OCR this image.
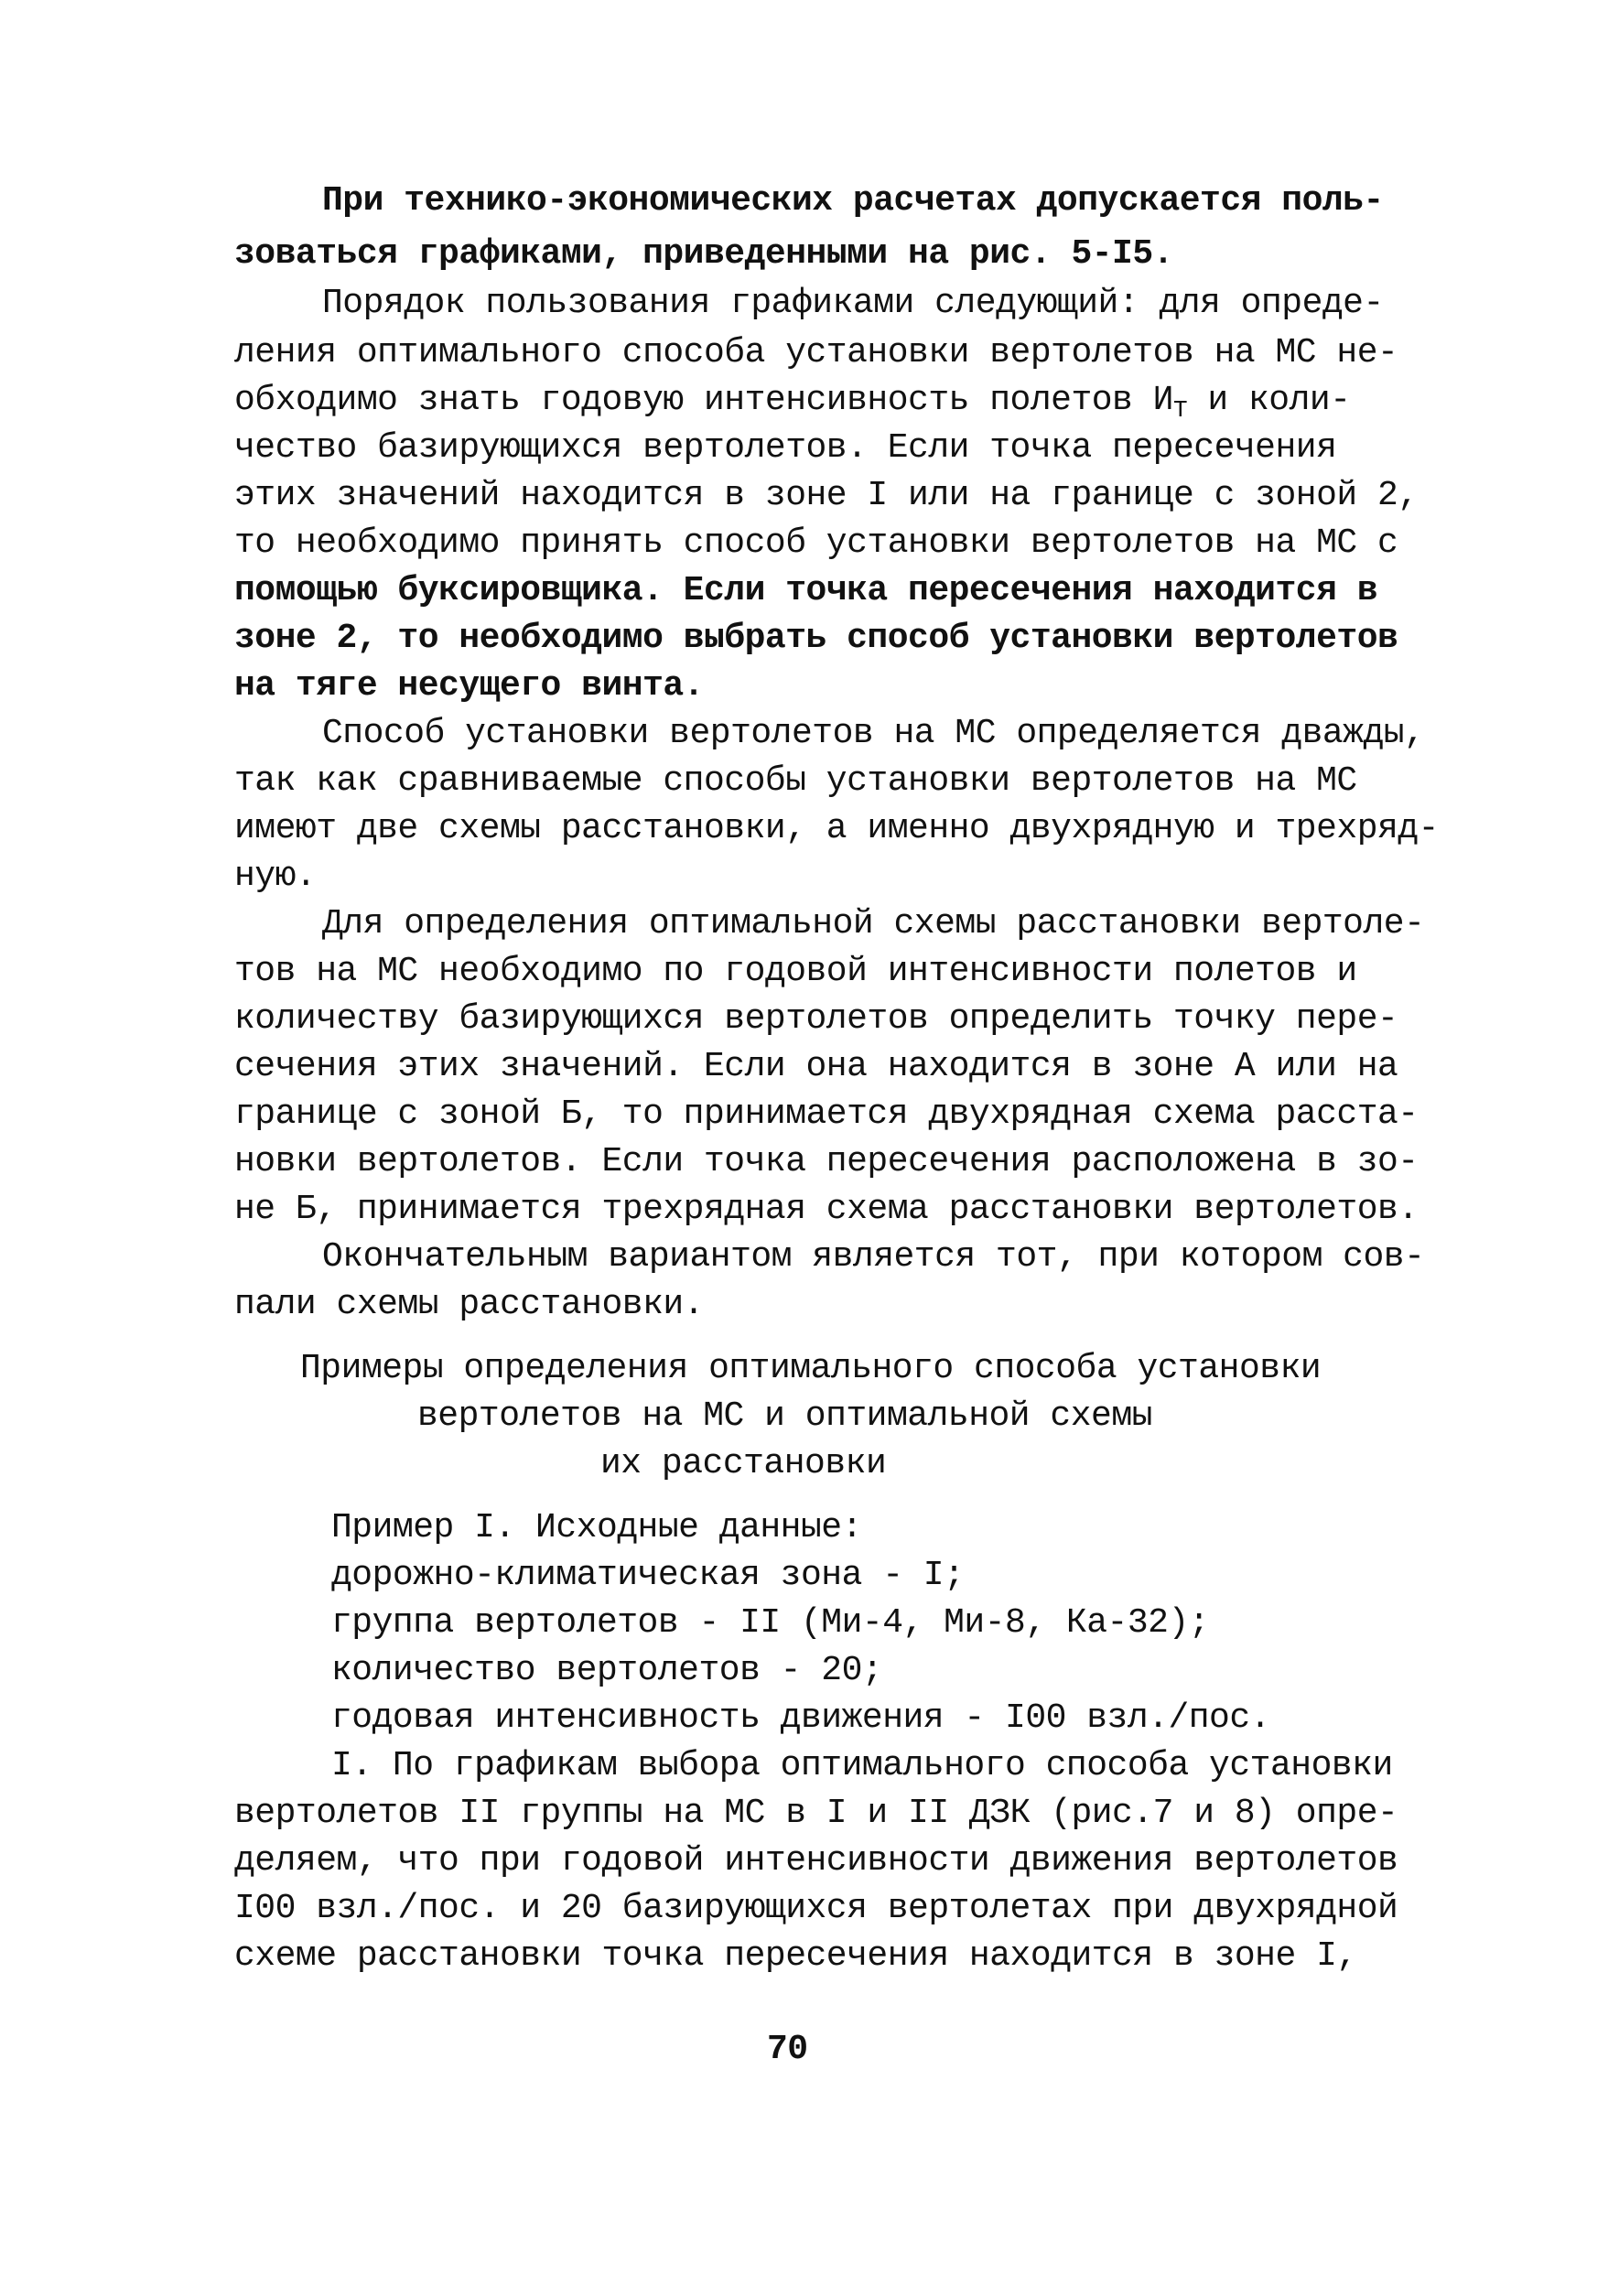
При технико-экономических расчетах допускается поль-
зоваться графиками, приведенными на рис. 5-I5.
Порядок пользования графиками следующий: для опреде-
ления оптимального способа установки вертолетов на МС не-
обходимо знать годовую интенсивность полетов $И_Т$ и коли-
чество базирующихся вертолетов. Если точка пересечения
этих значений находится в зоне I или на границе с зоной 2,
то необходимо принять способ установки вертолетов на МС с
помощью буксировщика. Если точка пересечения находится в
зоне 2, то необходимо выбрать способ установки вертолетов
на тяге несущего винта.
Способ установки вертолетов на МС определяется дважды,
так как сравниваемые способы установки вертолетов на МС
имеют две схемы расстановки, а именно двухрядную и трехряд-
ную.
Для определения оптимальной схемы расстановки вертоле-
тов на МС необходимо по годовой интенсивности полетов и
количеству базирующихся вертолетов определить точку пере-
сечения этих значений. Если она находится в зоне А или на
границе с зоной Б, то принимается двухрядная схема расста-
новки вертолетов. Если точка пересечения расположена в зо-
не Б, принимается трехрядная схема расстановки вертолетов.
Окончательным вариантом является тот, при котором сов-
пали схемы расстановки.
Примеры определения оптимального способа установки
вертолетов на МС и оптимальной схемы
их расстановки
Пример I. Исходные данные:
дорожно-климатическая зона - I;
группа вертолетов - II (Ми-4, Ми-8, Ка-32);
количество вертолетов - 20;
годовая интенсивность движения - I00 взл./пос.
I. По графикам выбора оптимального способа установки
вертолетов II группы на МС в I и II ДЗК (рис.7 и 8) опре-
деляем, что при годовой интенсивности движения вертолетов
I00 взл./пос. и 20 базирующихся вертолетах при двухрядной
схеме расстановки точка пересечения находится в зоне I,
70
